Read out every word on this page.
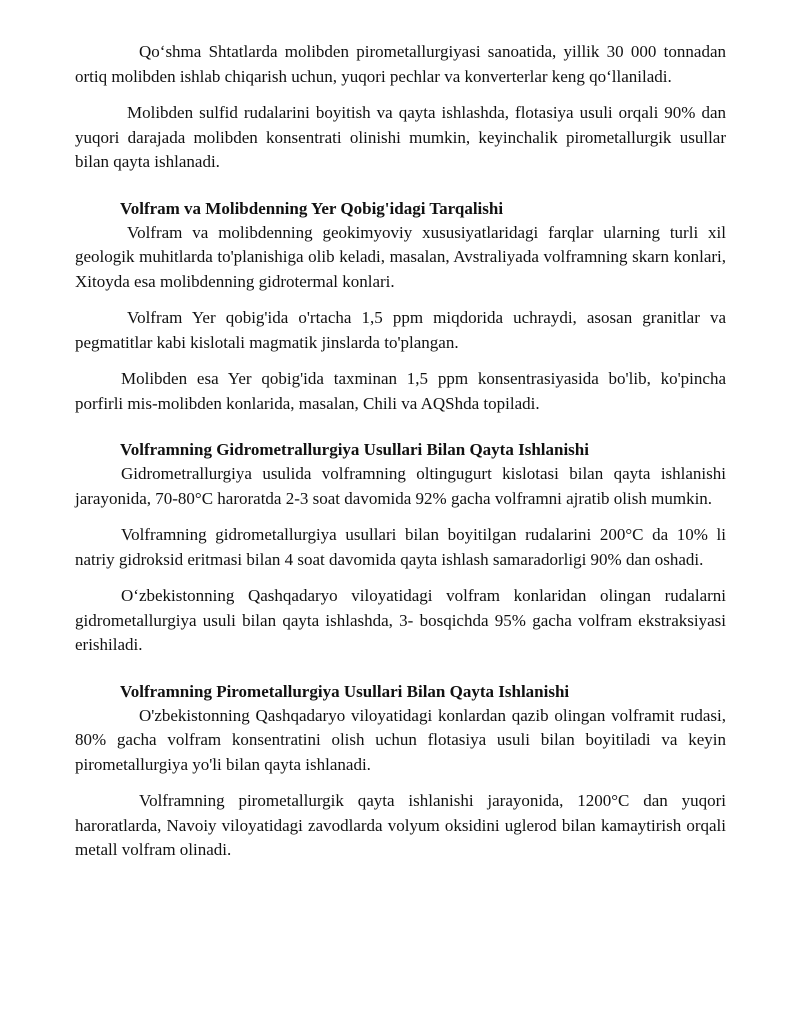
Qo‘shma Shtatlarda molibden pirometallurgiyasi sanoatida, yillik 30 000 tonnadan ortiq molibden ishlab chiqarish uchun, yuqori pechlar va konverterlar keng qo‘llaniladi.

Molibden sulfid rudalarini boyitish va qayta ishlashda, flotasiya usuli orqali 90% dan yuqori darajada molibden konsentrati olinishi mumkin, keyinchalik pirometallurgik usullar bilan qayta ishlanadi.

Volfram va Molibdenning Yer Qobig'idagi Tarqalishi

Volfram va molibdenning geokimyoviy xususiyatlaridagi farqlar ularning turli xil geologik muhitlarda to'planishiga olib keladi, masalan, Avstraliyada volframning skarn konlari, Xitoyda esa molibdenning gidrotermal konlari.

Volfram Yer qobig'ida o'rtacha 1,5 ppm miqdorida uchraydi, asosan granitlar va pegmatitlar kabi kislotali magmatik jinslarda to'plangan.

Molibden esa Yer qobig'ida taxminan 1,5 ppm konsentrasiyasida bo'lib, ko'pincha porfirli mis-molibden konlarida, masalan, Chili va AQShda topiladi.

Volframning Gidrometrallurgiya Usullari Bilan Qayta Ishlanishi

Gidrometrallurgiya usulida volframning oltingugurt kislotasi bilan qayta ishlanishi jarayonida, 70-80°C haroratda 2-3 soat davomida 92% gacha volframni ajratib olish mumkin.

Volframning gidrometallurgiya usullari bilan boyitilgan rudalarini 200°C da 10% li natriy gidroksid eritmasi bilan 4 soat davomida qayta ishlash samaradorligi 90% dan oshadi.

O‘zbekistonning Qashqadaryo viloyatidagi volfram konlaridan olingan rudalarni gidrometallurgiya usuli bilan qayta ishlashda, 3- bosqichda 95% gacha volfram ekstraksiyasi erishiladi.

Volframning Pirometallurgiya Usullari Bilan Qayta Ishlanishi

O'zbekistonning Qashqadaryo viloyatidagi konlardan qazib olingan volframit rudasi, 80% gacha volfram konsentratini olish uchun flotasiya usuli bilan boyitiladi va keyin pirometallurgiya yo'li bilan qayta ishlanadi.

Volframning pirometallurgik qayta ishlanishi jarayonida, 1200°C dan yuqori haroratlarda, Navoiy viloyatidagi zavodlarda volyum oksidini uglerod bilan kamaytirish orqali metall volfram olinadi.
